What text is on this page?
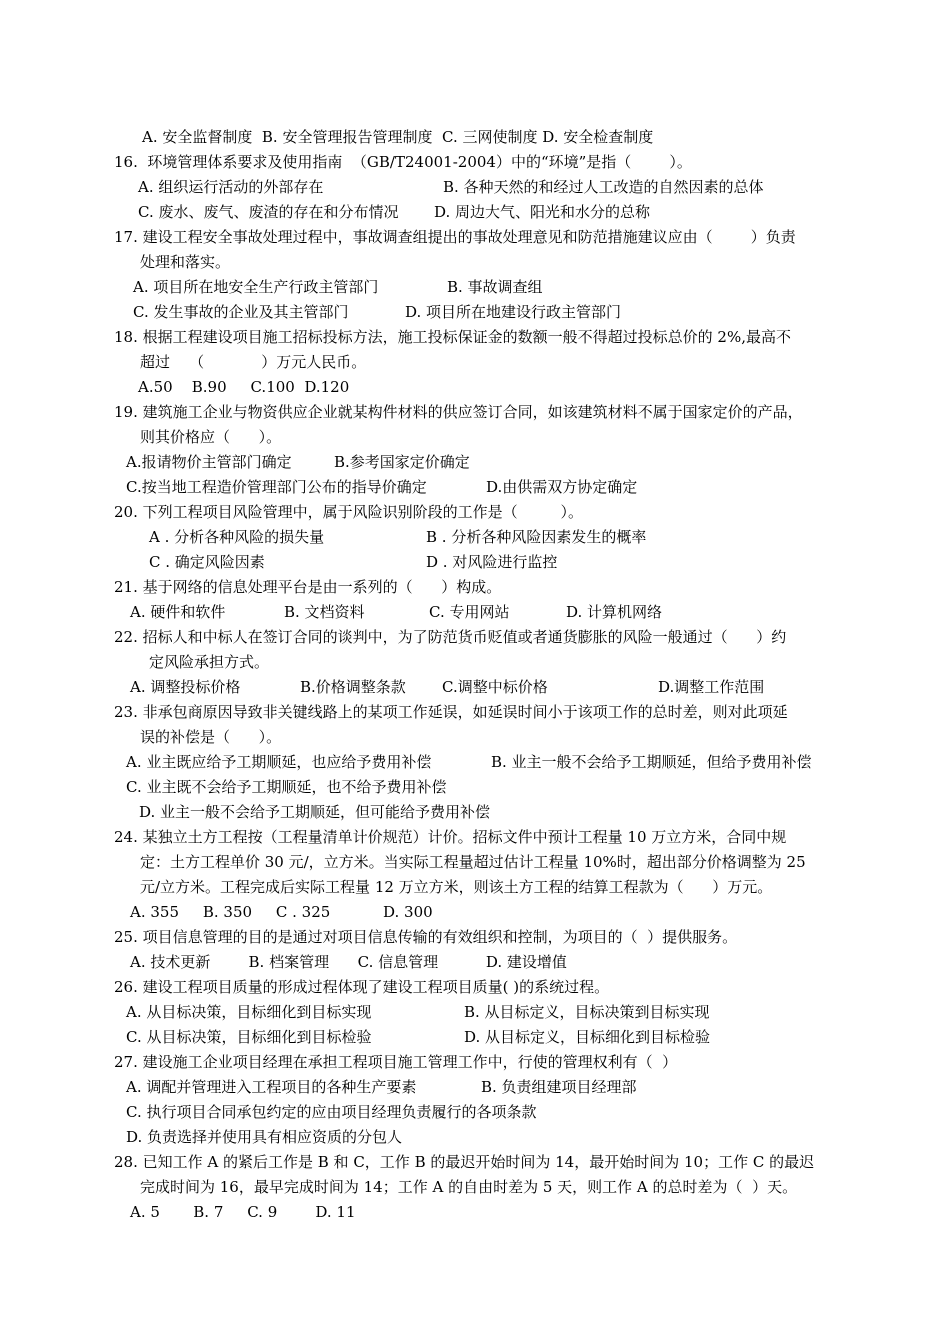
A. 安全监督制度  B. 安全管理报告管理制度  C. 三网使制度 D. 安全检查制度
16.  环境管理体系要求及使用指南  （GB/T24001-2004）中的“环境”是指（        ）。
A. 组织运行活动的外部存在	B. 各种天然的和经过人工改造的自然因素的总体
C. 废水、废气、废渣的存在和分布情况 D. 周边大气、阳光和水分的总称
17. 建设工程安全事故处理过程中，事故调查组提出的事故处理意见和防范措施建议应由（        ）负责
处理和落实。
A. 项目所在地安全生产行政主管部门	B. 事故调查组
C. 发生事故的企业及其主管部门	D. 项目所在地建设行政主管部门
18. 根据工程建设项目施工招标投标方法，施工投标保证金的数额一般不得超过投标总价的 2%,最高不
超过    （            ）万元人民币。
A.50    B.90     C.100  D.120
19. 建筑施工企业与物资供应企业就某构件材料的供应签订合同，如该建筑材料不属于国家定价的产品，
则其价格应（      ）。
A.报请物价主管部门确定	B.参考国家定价确定
C.按当地工程造价管理部门公布的指导价确定	D.由供需双方协定确定
20. 下列工程项目风险管理中，属于风险识别阶段的工作是（         ）。
A . 分析各种风险的损失量	B . 分析各种风险因素发生的概率
C . 确定风险因素	D . 对风险进行监控
21. 基于网络的信息处理平台是由一系列的（      ）构成。
A. 硬件和软件	B. 文档资料	C. 专用网站	D. 计算机网络
22. 招标人和中标人在签订合同的谈判中，为了防范货币贬值或者通货膨胀的风险一般通过（      ）约
定风险承担方式。
A. 调整投标价格	B.价格调整条款 C.调整中标价格	D.调整工作范围
23. 非承包商原因导致非关键线路上的某项工作延误，如延误时间小于该项工作的总时差，则对此项延
误的补偿是（      ）。
A. 业主既应给予工期顺延，也应给予费用补偿	B. 业主一般不会给予工期顺延，但给予费用补偿
C. 业主既不会给予工期顺延，也不给予费用补偿
D. 业主一般不会给予工期顺延，但可能给予费用补偿
24. 某独立土方工程按（工程量清单计价规范）计价。招标文件中预计工程量 10 万立方米，合同中规
定：土方工程单价 30 元/，立方米。当实际工程量超过估计工程量 10%时，超出部分价格调整为 25
元/立方米。工程完成后实际工程量 12 万立方米，则该土方工程的结算工程款为（      ）万元。
A. 355     B. 350     C . 325	D. 300
25. 项目信息管理的目的是通过对项目信息传输的有效组织和控制，为项目的（  ）提供服务。
A. 技术更新        B. 档案管理      C. 信息管理          D. 建设增值
26. 建设工程项目质量的形成过程体现了建设工程项目质量( )的系统过程。
A. 从目标决策，目标细化到目标实现	B. 从目标定义，目标决策到目标实现
C. 从目标决策，目标细化到目标检验	D. 从目标定义，目标细化到目标检验
27. 建设施工企业项目经理在承担工程项目施工管理工作中，行使的管理权利有（  ）
A. 调配并管理进入工程项目的各种生产要素	B. 负责组建项目经理部
C. 执行项目合同承包约定的应由项目经理负责履行的各项条款
D. 负责选择并使用具有相应资质的分包人
28. 已知工作 A 的紧后工作是 B 和 C，工作 B 的最迟开始时间为 14，最开始时间为 10；工作 C 的最迟
完成时间为 16，最早完成时间为 14；工作 A 的自由时差为 5 天，则工作 A 的总时差为（  ）天。
A. 5       B. 7     C. 9        D. 11
